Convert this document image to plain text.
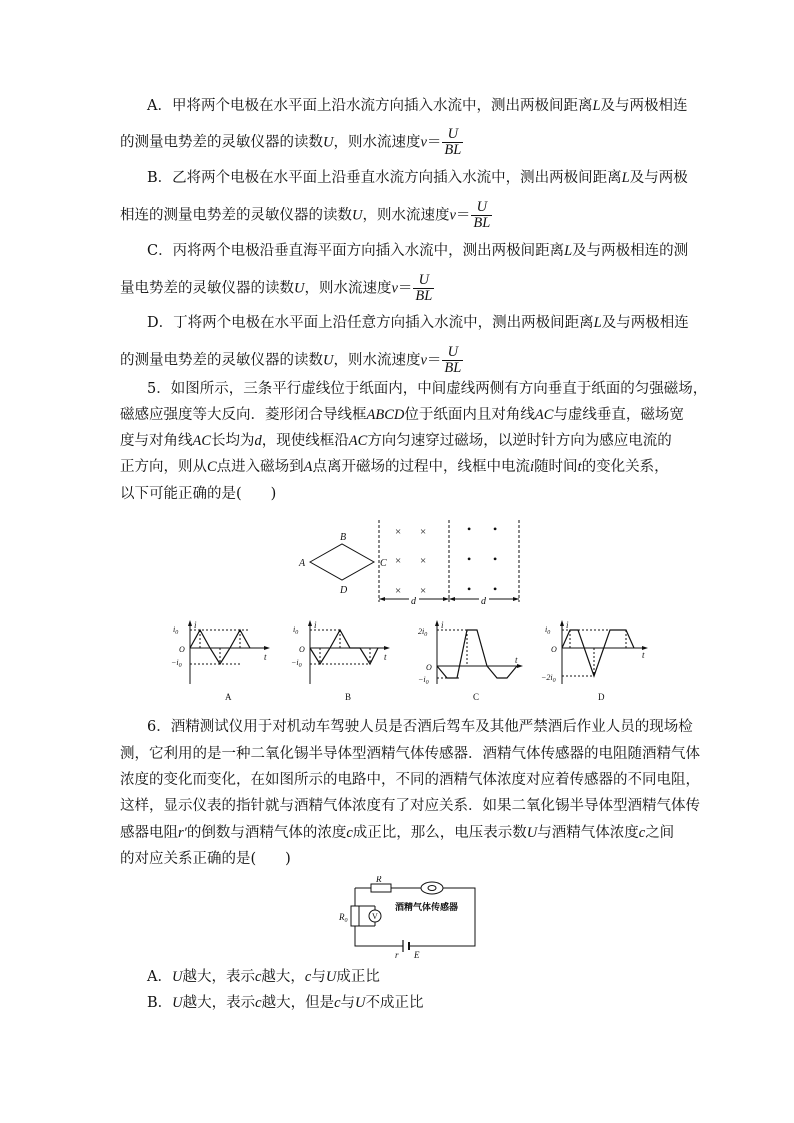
A．甲将两个电极在水平面上沿水流方向插入水流中，测出两极间距离L及与两极相连
的测量电势差的灵敏仪器的读数U，则水流速度$v= \frac{U}{BL}$
B．乙将两个电极在水平面上沿垂直水流方向插入水流中，测出两极间距离L及与两极
相连的测量电势差的灵敏仪器的读数U，则水流速度$v= \frac{U}{BL}$
C．丙将两个电极沿垂直海平面方向插入水流中，测出两极间距离L及与两极相连的测
量电势差的灵敏仪器的读数U，则水流速度$v= \frac{U}{BL}$
D．丁将两个电极在水平面上沿任意方向插入水流中，测出两极间距离L及与两极相连
的测量电势差的灵敏仪器的读数U，则水流速度$v= \frac{U}{BL}$
5．如图所示，三条平行虚线位于纸面内，中间虚线两侧有方向垂直于纸面的匀强磁场，
磁感应强度等大反向．菱形闭合导线框ABCD位于纸面内且对角线AC与虚线垂直，磁场宽
度与对角线AC长均为d，现使线框沿AC方向匀速穿过磁场，以逆时针方向为感应电流的
正方向，则从C点进入磁场到A点离开磁场的过程中，线框中电流i随时间t的变化关系，
以下可能正确的是(　　)
A
B
C
D
× ×
× ×
× ×
• •
• •
• •
d	d
i
t
O
$i_0$
$-i_0$
A
i
t
O
$i_0$
$-i_0$
B
i
t
O
$2i_0$
$-i_0$
C
i
t
O
$i_0$
$-2i_0$
D
6．酒精测试仪用于对机动车驾驶人员是否酒后驾车及其他严禁酒后作业人员的现场检
测，它利用的是一种二氧化锡半导体型酒精气体传感器．酒精气体传感器的电阻随酒精气体
浓度的变化而变化，在如图所示的电路中，不同的酒精气体浓度对应着传感器的不同电阻，
这样，显示仪表的指针就与酒精气体浓度有了对应关系．如果二氧化锡半导体型酒精气体传
感器电阻r′的倒数与酒精气体的浓度c成正比，那么，电压表示数U与酒精气体浓度c之间
的对应关系正确的是(　　)
R
$R_0$	V
酒精气体传感器
r E
A．U越大，表示c越大，c与U成正比
B．U越大，表示c越大，但是c与U不成正比
